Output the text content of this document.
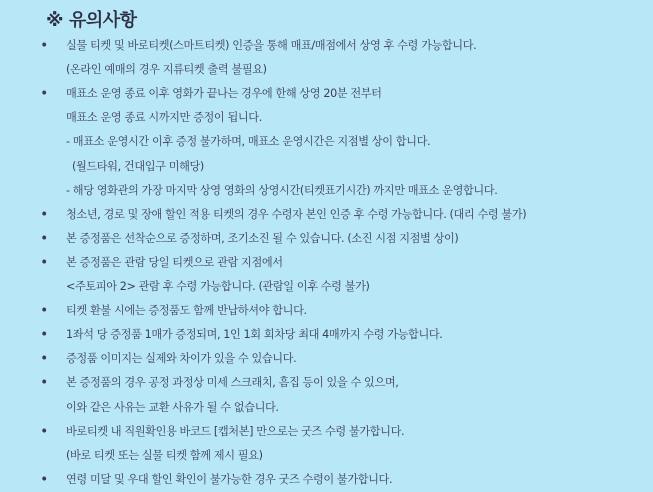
※ 유의사항
• 실물 티켓 및 바로티켓(스마트티켓) 인증을 통해 매표/매점에서 상영 후 수령 가능합니다.
(온라인 예매의 경우 지류티켓 출력 불필요)
• 매표소 운영 종료 이후 영화가 끝나는 경우에 한해 상영 20분 전부터
매표소 운영 종료 시까지만 증정이 됩니다.
- 매표소 운영시간 이후 증정 불가하며, 매표소 운영시간은 지점별 상이 합니다.
(월드타워, 건대입구 미해당)
- 해당 영화관의 가장 마지막 상영 영화의 상영시간(티켓표기시간) 까지만 매표소 운영합니다.
• 청소년, 경로 및 장애 할인 적용 티켓의 경우 수령자 본인 인증 후 수령 가능합니다. (대리 수령 불가)
• 본 증정품은 선착순으로 증정하며, 조기소진 될 수 있습니다. (소진 시점 지점별 상이)
• 본 증정품은 관람 당일 티켓으로 관람 지점에서
<주토피아 2> 관람 후 수령 가능합니다. (관람일 이후 수령 불가)
• 티켓 환불 시에는 증정품도 함께 반납하셔야 합니다.
• 1좌석 당 증정품 1매가 증정되며, 1인 1회 회차당 최대 4매까지 수령 가능합니다.
• 증정품 이미지는 실제와 차이가 있을 수 있습니다.
• 본 증정품의 경우 공정 과정상 미세 스크래치, 흠집 등이 있을 수 있으며,
이와 같은 사유는 교환 사유가 될 수 없습니다.
• 바로티켓 내 직원확인용 바코드 [캡처본] 만으로는 굿즈 수령 불가합니다.
(바로 티켓 또는 실물 티켓 함께 제시 필요)
• 연령 미달 및 우대 할인 확인이 불가능한 경우 굿즈 수령이 불가합니다.
